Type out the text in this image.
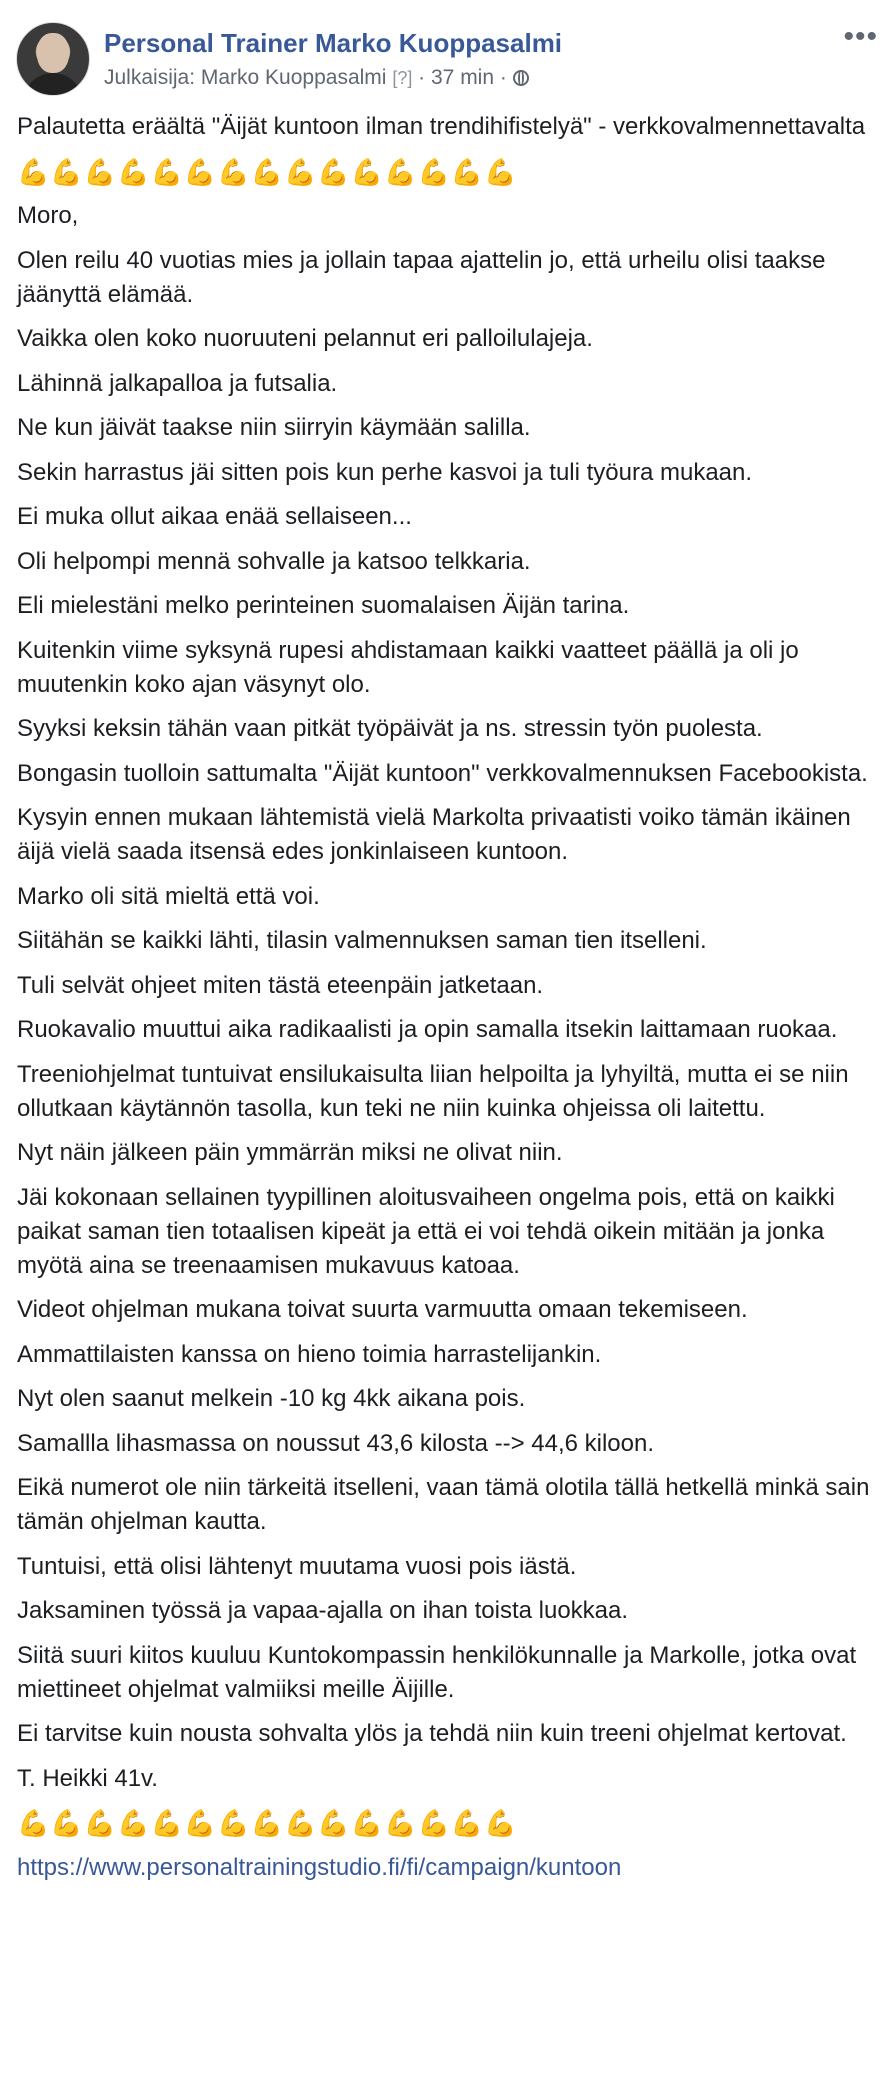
Personal Trainer Marko Kuoppasalmi
Julkaisija: Marko Kuoppasalmi [?] · 37 min ·
•••

Palautetta eräältä "Äijät kuntoon ilman trendihifistelyä" - verkkovalmennettavalta

💪💪💪💪💪💪💪💪💪💪💪💪💪💪💪

Moro,

Olen reilu 40 vuotias mies ja jollain tapaa ajattelin jo, että urheilu olisi taakse jäänyttä elämää.

Vaikka olen koko nuoruuteni pelannut eri palloilulajeja.

Lähinnä jalkapalloa ja futsalia.

Ne kun jäivät taakse niin siirryin käymään salilla.

Sekin harrastus jäi sitten pois kun perhe kasvoi ja tuli työura mukaan.

Ei muka ollut aikaa enää sellaiseen...

Oli helpompi mennä sohvalle ja katsoo telkkaria.

Eli mielestäni melko perinteinen suomalaisen Äijän tarina.

Kuitenkin viime syksynä rupesi ahdistamaan kaikki vaatteet päällä ja oli jo muutenkin koko ajan väsynyt olo.

Syyksi keksin tähän vaan pitkät työpäivät ja ns. stressin työn puolesta.

Bongasin tuolloin sattumalta "Äijät kuntoon" verkkovalmennuksen Facebookista.

Kysyin ennen mukaan lähtemistä vielä Markolta privaatisti voiko tämän ikäinen äijä vielä saada itsensä edes jonkinlaiseen kuntoon.

Marko oli sitä mieltä että voi.

Siitähän se kaikki lähti, tilasin valmennuksen saman tien itselleni.

Tuli selvät ohjeet miten tästä eteenpäin jatketaan.

Ruokavalio muuttui aika radikaalisti ja opin samalla itsekin laittamaan ruokaa.

Treeniohjelmat tuntuivat ensilukaisulta liian helpoilta ja lyhyiltä, mutta ei se niin ollutkaan käytännön tasolla, kun teki ne niin kuinka ohjeissa oli laitettu.

Nyt näin jälkeen päin ymmärrän miksi ne olivat niin.

Jäi kokonaan sellainen tyypillinen aloitusvaiheen ongelma pois, että on kaikki paikat saman tien totaalisen kipeät ja että ei voi tehdä oikein mitään ja jonka myötä aina se treenaamisen mukavuus katoaa.

Videot ohjelman mukana toivat suurta varmuutta omaan tekemiseen.

Ammattilaisten kanssa on hieno toimia harrastelijankin.

Nyt olen saanut melkein -10 kg 4kk aikana pois.

Samallla lihasmassa on noussut 43,6 kilosta --> 44,6 kiloon.

Eikä numerot ole niin tärkeitä itselleni, vaan tämä olotila tällä hetkellä minkä sain tämän ohjelman kautta.

Tuntuisi, että olisi lähtenyt muutama vuosi pois iästä.

Jaksaminen työssä ja vapaa-ajalla on ihan toista luokkaa.

Siitä suuri kiitos kuuluu Kuntokompassin henkilökunnalle ja Markolle, jotka ovat miettineet ohjelmat valmiiksi meille Äijille.

Ei tarvitse kuin nousta sohvalta ylös ja tehdä niin kuin treeni ohjelmat kertovat.

T. Heikki 41v.

💪💪💪💪💪💪💪💪💪💪💪💪💪💪💪

https://www.personaltrainingstudio.fi/fi/campaign/kuntoon
